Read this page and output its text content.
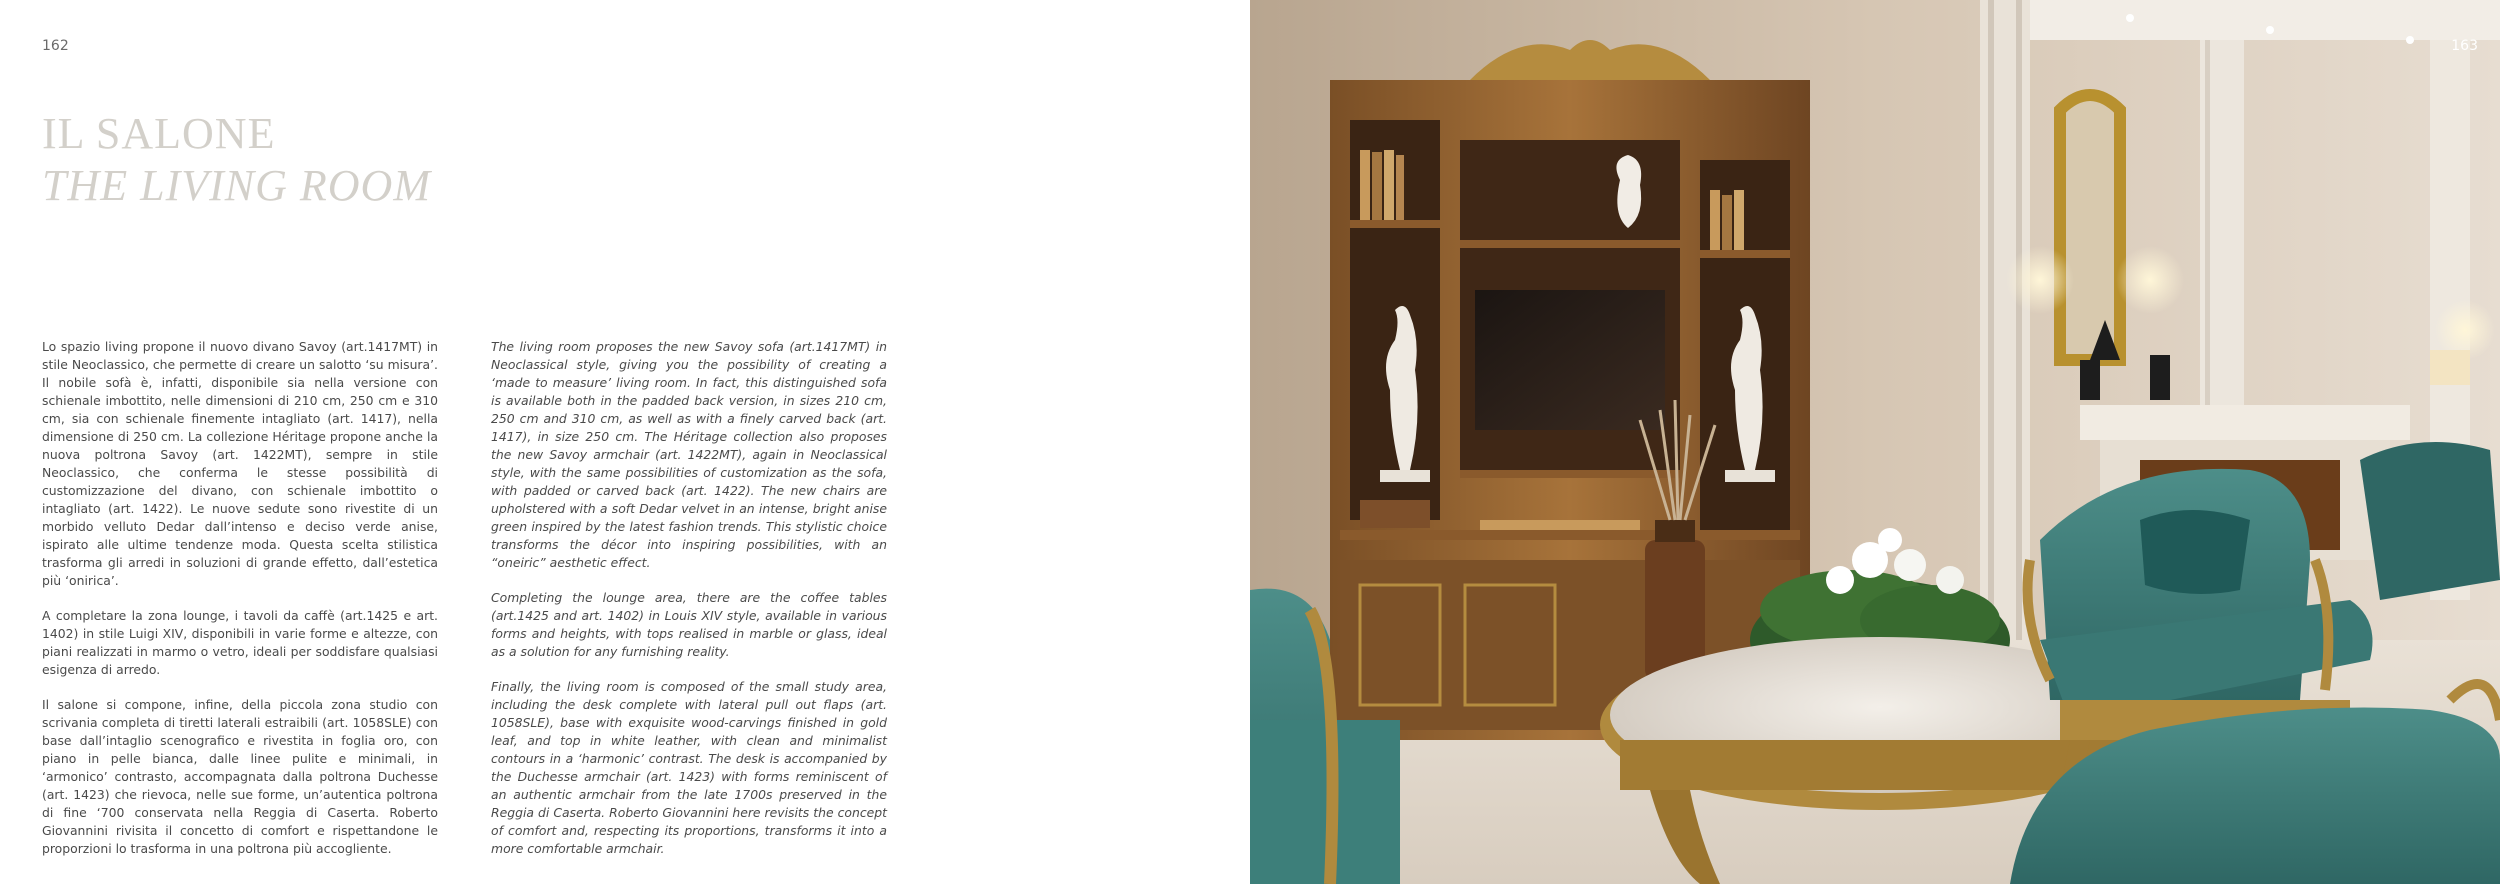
162
IL SALONE
THE LIVING ROOM

Lo spazio living propone il nuovo divano Savoy (art.1417MT) in stile Neoclassico, che permette di creare un salotto ‘su misura’. Il nobile sofà è, infatti, disponibile sia nella versione con schienale imbottito, nelle dimensioni di 210 cm, 250 cm e 310 cm, sia con schienale finemente intagliato (art. 1417), nella dimensione di 250 cm. La collezione Héritage propone anche la nuova poltrona Savoy (art. 1422MT), sempre in stile Neoclassico, che conferma le stesse possibilità di customizzazione del divano, con schienale imbottito o intagliato (art. 1422). Le nuove sedute sono rivestite di un morbido velluto Dedar dall’intenso e deciso verde anise, ispirato alle ultime tendenze moda. Questa scelta stilistica trasforma gli arredi in soluzioni di grande effetto, dall’estetica più ‘onirica’.

A completare la zona lounge, i tavoli da caffè (art.1425 e art. 1402) in stile Luigi XIV, disponibili in varie forme e altezze, con piani realizzati in marmo o vetro, ideali per soddisfare qualsiasi esigenza di arredo.

Il salone si compone, infine, della piccola zona studio con scrivania completa di tiretti laterali estraibili (art. 1058SLE) con base dall’intaglio scenografico e rivestita in foglia oro, con piano in pelle bianca, dalle linee pulite e minimali, in ‘armonico’ contrasto, accompagnata dalla poltrona Duchesse (art. 1423) che rievoca, nelle sue forme, un’autentica poltrona di fine ‘700 conservata nella Reggia di Caserta. Roberto Giovannini rivisita il concetto di comfort e rispettandone le proporzioni lo trasforma in una poltrona più accogliente.

The living room proposes the new Savoy sofa (art.1417MT) in Neoclassical style, giving you the possibility of creating a ‘made to measure’ living room. In fact, this distinguished sofa is available both in the padded back version, in sizes 210 cm, 250 cm and 310 cm, as well as with a finely carved back (art. 1417), in size 250 cm. The Héritage collection also proposes the new Savoy armchair (art. 1422MT), again in Neoclassical style, with the same possibilities of customization as the sofa, with padded or carved back (art. 1422). The new chairs are upholstered with a soft Dedar velvet in an intense, bright anise green inspired by the latest fashion trends. This stylistic choice transforms the décor into inspiring possibilities, with an “oneiric” aesthetic effect.

Completing the lounge area, there are the coffee tables (art.1425 and art. 1402) in Louis XIV style, available in various forms and heights, with tops realised in marble or glass, ideal as a solution for any furnishing reality.

Finally, the living room is composed of the small study area, including the desk complete with lateral pull out flaps (art. 1058SLE), base with exquisite wood-carvings finished in gold leaf, and top in white leather, with clean and minimalist contours in a ‘harmonic’ contrast. The desk is accompanied by the Duchesse armchair (art. 1423) with forms reminiscent of an authentic armchair from the late 1700s preserved in the Reggia di Caserta. Roberto Giovannini here revisits the concept of comfort and, respecting its proportions, transforms it into a more comfortable armchair.

163
